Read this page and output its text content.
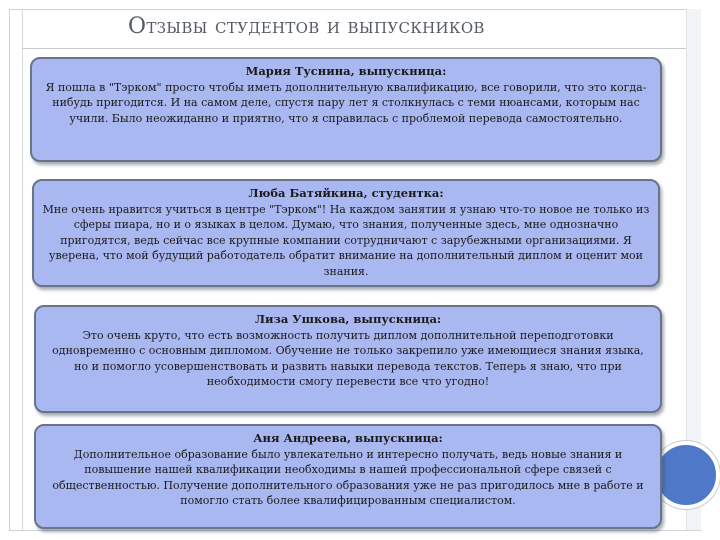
Отзывы студентов и выпускников
Мария Туснина, выпускница:
Я пошла в "Тэрком" просто чтобы иметь дополнительную квалификацию, все говорили, что это когда-нибудь пригодится. И на самом деле, спустя пару лет я столкнулась с теми нюансами, которым нас учили. Было неожиданно и приятно, что я справилась с проблемой перевода самостоятельно.
Люба Батяйкина, студентка:
Мне очень нравится учиться в центре "Тэрком"! На каждом занятии я узнаю что-то новое не только из сферы пиара, но и о языках в целом. Думаю, что знания, полученные здесь, мне однозначно пригодятся, ведь сейчас все крупные компании сотрудничают с зарубежными организациями. Я уверена, что мой будущий работодатель обратит внимание на дополнительный диплом и оценит мои знания.
Лиза Ушкова, выпускница:
Это очень круто, что есть возможность получить диплом дополнительной переподготовки одновременно с основным дипломом. Обучение не только закрепило уже имеющиеся знания языка, но и помогло усовершенствовать и развить навыки перевода текстов. Теперь я знаю, что при необходимости смогу перевести все что угодно!
Аня Андреева, выпускница:
Дополнительное образование было увлекательно и интересно получать, ведь новые знания и повышение нашей квалификации необходимы в нашей профессиональной сфере связей с общественностью. Получение дополнительного образования уже не раз пригодилось мне в работе и помогло стать более квалифицированным специалистом.
